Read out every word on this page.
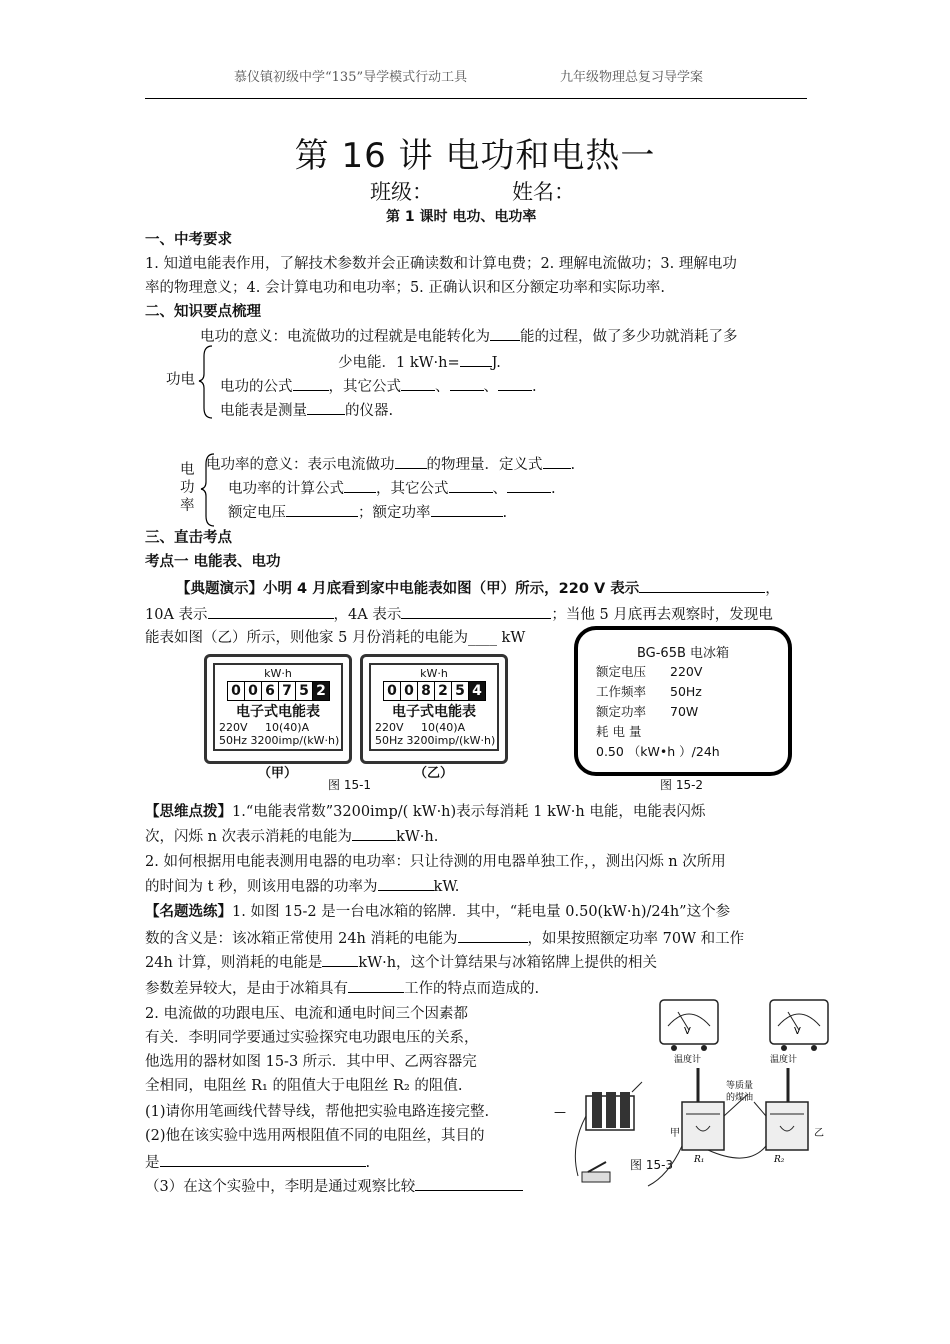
慕仪镇初级中学“135”导学模式行动工具	九年级物理总复习导学案
第 16 讲 电功和电热一
班级：	姓名：
第 1 课时 电功、电功率
一、中考要求
1. 知道电能表作用，了解技术参数并会正确读数和计算电费；2. 理解电流做功；3. 理解电功
率的物理意义；4. 会计算电功和电功率；5. 正确认识和区分额定功率和实际功率.
二、知识要点梳理
电功的意义：电流做功的过程就是电能转化为 能的过程，做了多少功就消耗了多
少电能．1 kW·h= J.
功电 电功的公式 ，其它公式 、 、 .
电能表是测量	的仪器.
电功率的意义：表示电流做功 的物理量．定义式 .
电
功
率
电功率的计算公式 ，其它公式	、	.
额定电压	；额定功率	.
三、直击考点
考点一 电能表、电功
【典题演示】小明 4 月底看到家中电能表如图（甲）所示，220 V 表示	，
10A 表示	，4A 表示	；当他 5 月底再去观察时，发现电
能表如图（乙）所示，则他家 5 月份消耗的电能为____ kW
kW·h
0 0 6 7 5 2
电子式电能表
220V 10(40)A
50Hz 3200imp/(kW·h)
（甲）
kW·h
0 0 8 2 5 4
电子式电能表
220V 10(40)A
50Hz 3200imp/(kW·h)
（乙）
图 15-1
BG-65B 电冰箱
额定电压 220V
工作频率 50Hz
额定功率 70W
耗 电 量
0.50 （kW•h ）/24h
图 15-2
【思维点拨】1.“电能表常数”3200imp/( kW·h)表示每消耗 1 kW·h 电能，电能表闪烁
次，闪烁 n 次表示消耗的电能为	kW·h.
2. 如何根据用电能表测用电器的电功率：只让待测的用电器单独工作，，测出闪烁 n 次所用
的时间为 t 秒，则该用电器的功率为	kW.
【名题选练】1. 如图 15-2 是一台电冰箱的铭牌．其中，“耗电量 0.50(kW·h)/24h”这个参
数的含义是：该冰箱正常使用 24h 消耗的电能为	，如果按照额定功率 70W 和工作
24h 计算，则消耗的电能是 kW·h，这个计算结果与冰箱铭牌上提供的相关
参数差异较大，是由于冰箱具有	工作的特点而造成的.
2. 电流做的功跟电压、电流和通电时间三个因素都
有关．李明同学要通过实验探究电功跟电压的关系，
他选用的器材如图 15-3 所示．其中甲、乙两容器完
全相同，电阻丝 R₁ 的阻值大于电阻丝 R₂ 的阻值.
(1)请你用笔画线代替导线，帮他把实验电路连接完整.
(2)他在该实验中选用两根阻值不同的电阻丝，其目的
是	.
（3）在这个实验中，李明是通过观察比较
V	V
温度计	温度计
等质量
的煤油
甲	乙
R₁	R₂
—
图 15-3
